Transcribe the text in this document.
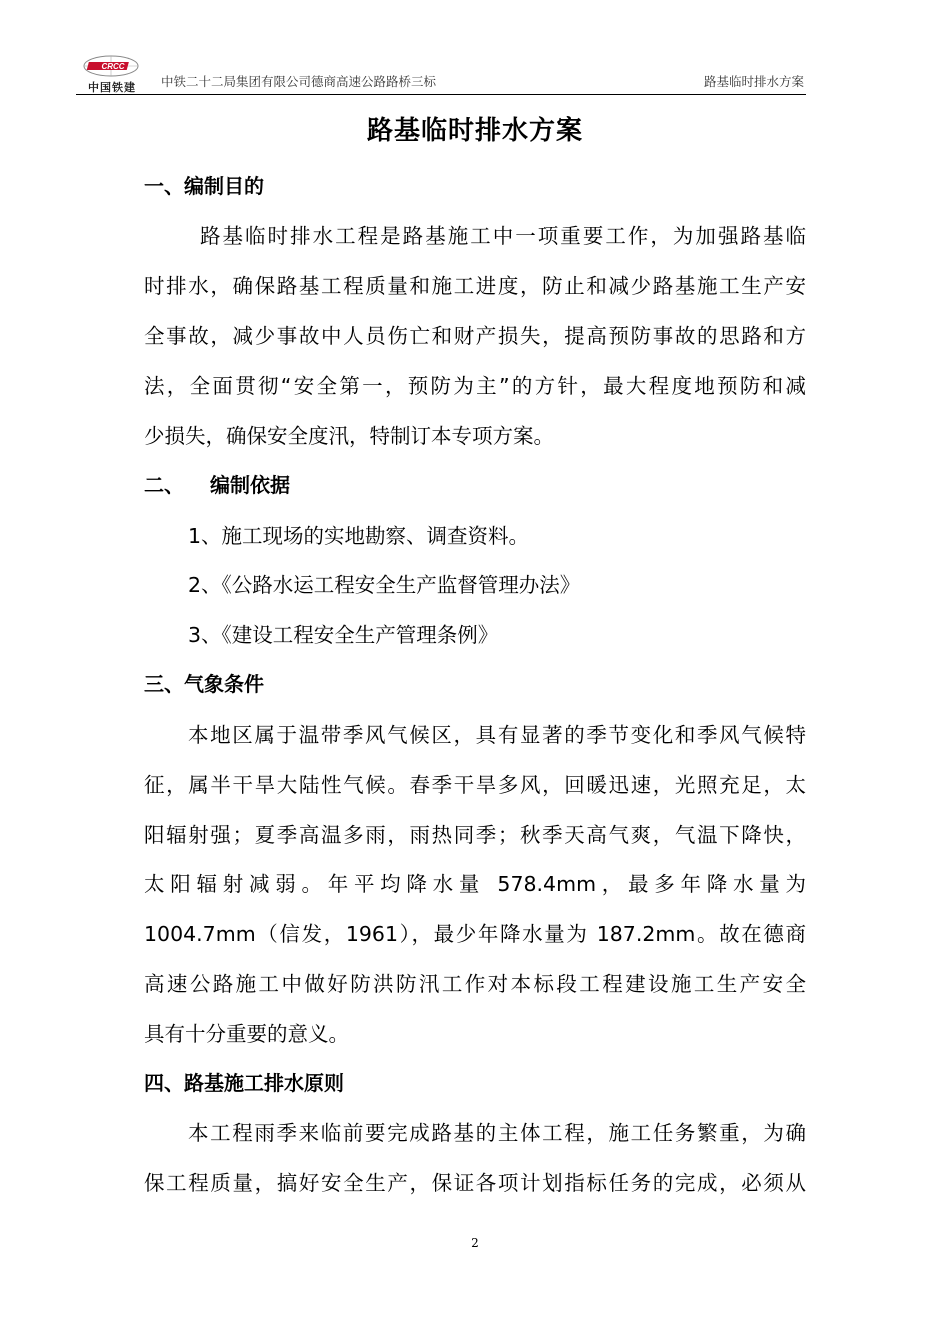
CRCC
中国铁建	中铁二十二局集团有限公司德商高速公路路桥三标	路基临时排水方案
路基临时排水方案
一、编制目的
路基临时排水工程是路基施工中一项重要工作，为加强路基临
时排水，确保路基工程质量和施工进度，防止和减少路基施工生产安
全事故，减少事故中人员伤亡和财产损失，提高预防事故的思路和方
法，全面贯彻“安全第一，预防为主”的方针，最大程度地预防和减
少损失，确保安全度汛，特制订本专项方案。
二、 编制依据
1、施工现场的实地勘察、调查资料。
2、《公路水运工程安全生产监督管理办法》
3、《建设工程安全生产管理条例》
三、气象条件
本地区属于温带季风气候区，具有显著的季节变化和季风气候特
征，属半干旱大陆性气候。春季干旱多风，回暖迅速，光照充足，太
阳辐射强；夏季高温多雨，雨热同季；秋季天高气爽，气温下降快，
太阳辐射减弱。年平均降水量 578.4mm，最多年降水量为
1004.7mm（信发，1961），最少年降水量为 187.2mm。故在德商
高速公路施工中做好防洪防汛工作对本标段工程建设施工生产安全
具有十分重要的意义。
四、路基施工排水原则
本工程雨季来临前要完成路基的主体工程，施工任务繁重，为确
保工程质量，搞好安全生产，保证各项计划指标任务的完成，必须从
2
